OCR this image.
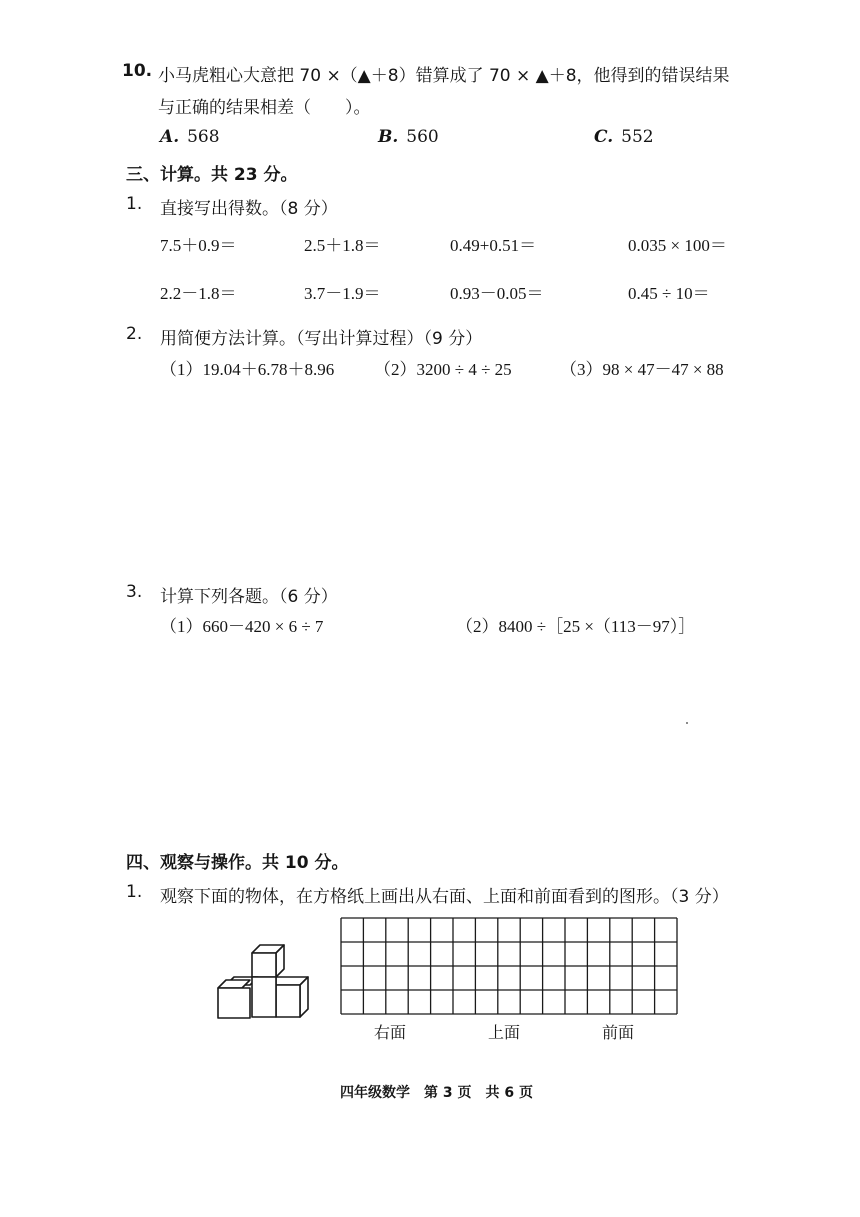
10. 小马虎粗心大意把 70 ×（▲＋8）错算成了 70 × ▲＋8，他得到的错误结果
与正确的结果相差（　　）。
A. 568	B. 560	C. 552
三、计算。共 23 分。
1. 直接写出得数。（8 分）
7.5＋0.9＝	2.5＋1.8＝	0.49+0.51＝	0.035 × 100＝
2.2－1.8＝	3.7－1.9＝	0.93－0.05＝	0.45 ÷ 10＝
2. 用简便方法计算。（写出计算过程）（9 分）
（1）19.04＋6.78＋8.96 （2）3200 ÷ 4 ÷ 25	（3）98 × 47－47 × 88
3. 计算下列各题。（6 分）
（1）660－420 × 6 ÷ 7	（2）8400 ÷［25 ×（113－97）］
四、观察与操作。共 10 分。
1. 观察下面的物体，在方格纸上画出从右面、上面和前面看到的图形。（3 分）
右面	上面	前面
四年级数学　第 3 页　共 6 页
